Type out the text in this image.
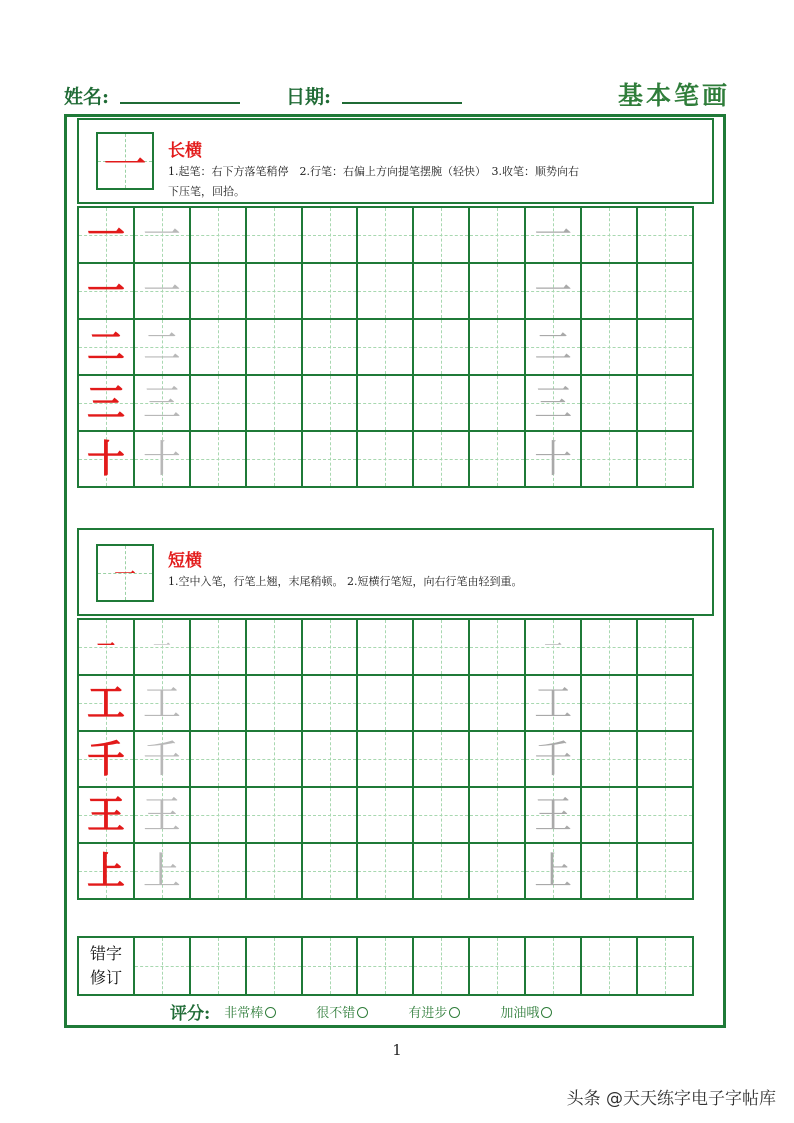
姓名:	日期:	基本笔画
一 长横
1.起笔：右下方落笔稍停　2.行笔：右偏上方向提笔摆腕（轻快）　3.收笔：顺势向右
下压笔，回拾。
一 一	一
一 一	一
二 二	二
三 三	三
十 十	十
一
短横
1.空中入笔，行笔上翘，末尾稍顿。 2.短横行笔短，向右行笔由轻到重。
一	一	一
工 工	工
千 千	千
王 王	王
上 上	上
错字
修订
评分: 非常棒	很不错	有进步	加油哦
1
头条 @天天练字电子字帖库
